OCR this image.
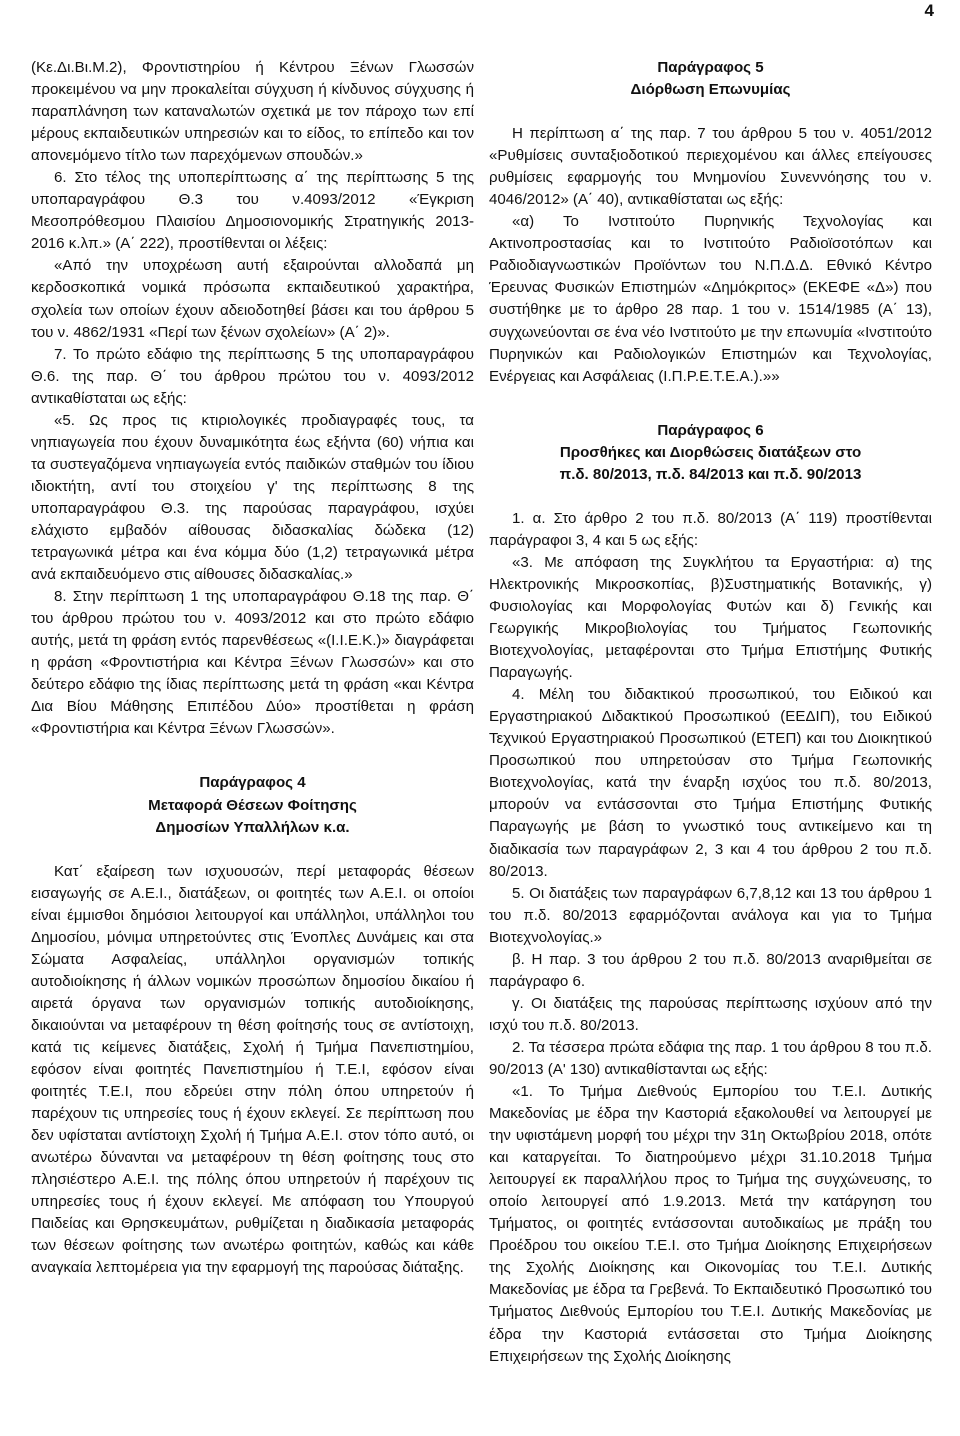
4

(Κε.Δι.Βι.Μ.2), Φροντιστηρίου ή Κέντρου Ξένων Γλωσσών προκειμένου να μην προκαλείται σύγχυση ή κίνδυνος σύγχυσης ή παραπλάνηση των καταναλωτών σχετικά με τον πάροχο των επί μέρους εκπαιδευτικών υπηρεσιών και το είδος, το επίπεδο και τον απονεμόμενο τίτλο των παρεχόμενων σπουδών.»

6. Στο τέλος της υποπερίπτωσης α΄ της περίπτωσης 5 της υποπαραγράφου Θ.3 του ν.4093/2012 «Έγκριση Μεσοπρόθεσμου Πλαισίου Δημοσιονομικής Στρατηγικής 2013-2016 κ.λπ.» (Α΄ 222), προστίθενται οι λέξεις:

«Από την υποχρέωση αυτή εξαιρούνται αλλοδαπά μη κερδοσκοπικά νομικά πρόσωπα εκπαιδευτικού χαρακτήρα, σχολεία των οποίων έχουν αδειοδοτηθεί βάσει και του άρθρου 5 του ν. 4862/1931 «Περί των ξένων σχολείων» (Α΄ 2)».

7. Το πρώτο εδάφιο της περίπτωσης 5 της υποπαραγράφου Θ.6. της παρ. Θ΄ του άρθρου πρώτου του ν. 4093/2012 αντικαθίσταται ως εξής:

«5. Ως προς τις κτιριολογικές προδιαγραφές τους, τα νηπιαγωγεία που έχουν δυναμικότητα έως εξήντα (60) νήπια και τα συστεγαζόμενα νηπιαγωγεία εντός παιδικών σταθμών του ίδιου ιδιοκτήτη, αντί του στοιχείου γ' της περίπτωσης 8 της υποπαραγράφου Θ.3. της παρούσας παραγράφου, ισχύει ελάχιστο εμβαδόν αίθουσας διδασκαλίας δώδεκα (12) τετραγωνικά μέτρα και ένα κόμμα δύο (1,2) τετραγωνικά μέτρα ανά εκπαιδευόμενο στις αίθουσες διδασκαλίας.»

8. Στην περίπτωση 1 της υποπαραγράφου Θ.18 της παρ. Θ΄ του άρθρου πρώτου του ν. 4093/2012 και στο πρώτο εδάφιο αυτής, μετά τη φράση εντός παρενθέσεως «(Ι.Ι.Ε.Κ.)» διαγράφεται η φράση «Φροντιστήρια και Κέντρα Ξένων Γλωσσών» και στο δεύτερο εδάφιο της ίδιας περίπτωσης μετά τη φράση «και Κέντρα Δια Βίου Μάθησης Επιπέδου Δύο» προστίθεται η φράση «Φροντιστήρια και Κέντρα Ξένων Γλωσσών».

Παράγραφος 4

Μεταφορά Θέσεων Φοίτησης

Δημοσίων Υπαλλήλων κ.α.

Κατ΄ εξαίρεση των ισχυουσών, περί μεταφοράς θέσεων εισαγωγής σε Α.Ε.Ι., διατάξεων, οι φοιτητές των Α.Ε.Ι. οι οποίοι είναι έμμισθοι δημόσιοι λειτουργοί και υπάλληλοι, υπάλληλοι του Δημοσίου, μόνιμα υπηρετούντες στις Ένοπλες Δυνάμεις και στα Σώματα Ασφαλείας, υπάλληλοι οργανισμών τοπικής αυτοδιοίκησης ή άλλων νομικών προσώπων δημοσίου δικαίου ή αιρετά όργανα των οργανισμών τοπικής αυτοδιοίκησης, δικαιούνται να μεταφέρουν τη θέση φοίτησής τους σε αντίστοιχη, κατά τις κείμενες διατάξεις, Σχολή ή Τμήμα Πανεπιστημίου, εφόσον είναι φοιτητές Πανεπιστημίου ή Τ.Ε.Ι, εφόσον είναι φοιτητές Τ.Ε.Ι, που εδρεύει στην πόλη όπου υπηρετούν ή παρέχουν τις υπηρεσίες τους ή έχουν εκλεγεί. Σε περίπτωση που δεν υφίσταται αντίστοιχη Σχολή ή Τμήμα Α.Ε.Ι. στον τόπο αυτό, οι ανωτέρω δύνανται να μεταφέρουν τη θέση φοίτησης τους στο πλησιέστερο Α.Ε.Ι. της πόλης όπου υπηρετούν ή παρέχουν τις υπηρεσίες τους ή έχουν εκλεγεί. Με απόφαση του Υπουργού Παιδείας και Θρησκευμάτων, ρυθμίζεται η διαδικασία μεταφοράς των θέσεων φοίτησης των ανωτέρω φοιτητών, καθώς και κάθε αναγκαία λεπτομέρεια για την εφαρμογή της παρούσας διάταξης.

Παράγραφος 5

Διόρθωση Επωνυμίας

Η περίπτωση α΄ της παρ. 7 του άρθρου 5 του ν. 4051/2012 «Ρυθμίσεις συνταξιοδοτικού περιεχομένου και άλλες επείγουσες ρυθμίσεις εφαρμογής του Μνημονίου Συνεννόησης του ν. 4046/2012» (Α΄ 40), αντικαθίσταται ως εξής:

«α) Το Ινστιτούτο Πυρηνικής Τεχνολογίας και Ακτινοπροστασίας και το Ινστιτούτο Ραδιοϊσοτόπων και Ραδιοδιαγνωστικών Προϊόντων του Ν.Π.Δ.Δ. Εθνικό Κέντρο Έρευνας Φυσικών Επιστημών «Δημόκριτος» (ΕΚΕΦΕ «Δ») που συστήθηκε με το άρθρο 28 παρ. 1 του ν. 1514/1985 (Α΄ 13), συγχωνεύονται σε ένα νέο Ινστιτούτο με την επωνυμία «Ινστιτούτο Πυρηνικών και Ραδιολογικών Επιστημών και Τεχνολογίας, Ενέργειας και Ασφάλειας (Ι.Π.Ρ.Ε.Τ.Ε.Α.).»»

Παράγραφος 6

Προσθήκες και Διορθώσεις διατάξεων στο

π.δ. 80/2013, π.δ. 84/2013 και π.δ. 90/2013

1. α. Στο άρθρο 2 του π.δ. 80/2013 (Α΄ 119) προστίθενται παράγραφοι 3, 4 και 5 ως εξής:

«3. Με απόφαση της Συγκλήτου τα Εργαστήρια: α) της Ηλεκτρονικής Μικροσκοπίας, β)Συστηματικής Βοτανικής, γ) Φυσιολογίας και Μορφολογίας Φυτών και δ) Γενικής και Γεωργικής Μικροβιολογίας του Τμήματος Γεωπονικής Βιοτεχνολογίας, μεταφέρονται στο Τμήμα Επιστήμης Φυτικής Παραγωγής.

4. Μέλη του διδακτικού προσωπικού, του Ειδικού και Εργαστηριακού Διδακτικού Προσωπικού (ΕΕΔΙΠ), του Ειδικού Τεχνικού Εργαστηριακού Προσωπικού (ΕΤΕΠ) και του Διοικητικού Προσωπικού που υπηρετούσαν στο Τμήμα Γεωπονικής Βιοτεχνολογίας, κατά την έναρξη ισχύος του π.δ. 80/2013, μπορούν να εντάσσονται στο Τμήμα Επιστήμης Φυτικής Παραγωγής με βάση το γνωστικό τους αντικείμενο και τη διαδικασία των παραγράφων 2, 3 και 4 του άρθρου 2 του π.δ. 80/2013.

5. Οι διατάξεις των παραγράφων 6,7,8,12 και 13 του άρθρου 1 του π.δ. 80/2013 εφαρμόζονται ανάλογα και για το Τμήμα Βιοτεχνολογίας.»

β. Η παρ. 3 του άρθρου 2 του π.δ. 80/2013 αναριθμείται σε παράγραφο 6.

γ. Οι διατάξεις της παρούσας περίπτωσης ισχύουν από την ισχύ του π.δ. 80/2013.

2. Τα τέσσερα πρώτα εδάφια της παρ. 1 του άρθρου 8 του π.δ. 90/2013 (Α' 130) αντικαθίστανται ως εξής:

«1. Το Τμήμα Διεθνούς Εμπορίου του Τ.Ε.Ι. Δυτικής Μακεδονίας με έδρα την Καστοριά εξακολουθεί να λειτουργεί με την υφιστάμενη μορφή του μέχρι την 31η Οκτωβρίου 2018, οπότε και καταργείται. Το διατηρούμενο μέχρι 31.10.2018 Τμήμα λειτουργεί εκ παραλλήλου προς το Τμήμα της συγχώνευσης, το οποίο λειτουργεί από 1.9.2013. Μετά την κατάργηση του Τμήματος, οι φοιτητές εντάσσονται αυτοδικαίως με πράξη του Προέδρου του οικείου Τ.Ε.Ι. στο Τμήμα Διοίκησης Επιχειρήσεων της Σχολής Διοίκησης και Οικονομίας του Τ.Ε.Ι. Δυτικής Μακεδονίας με έδρα τα Γρεβενά. Το Εκπαιδευτικό Προσωπικό του Τμήματος Διεθνούς Εμπορίου του Τ.Ε.Ι. Δυτικής Μακεδονίας με έδρα την Καστοριά εντάσσεται στο Τμήμα Διοίκησης Επιχειρήσεων της Σχολής Διοίκησης
